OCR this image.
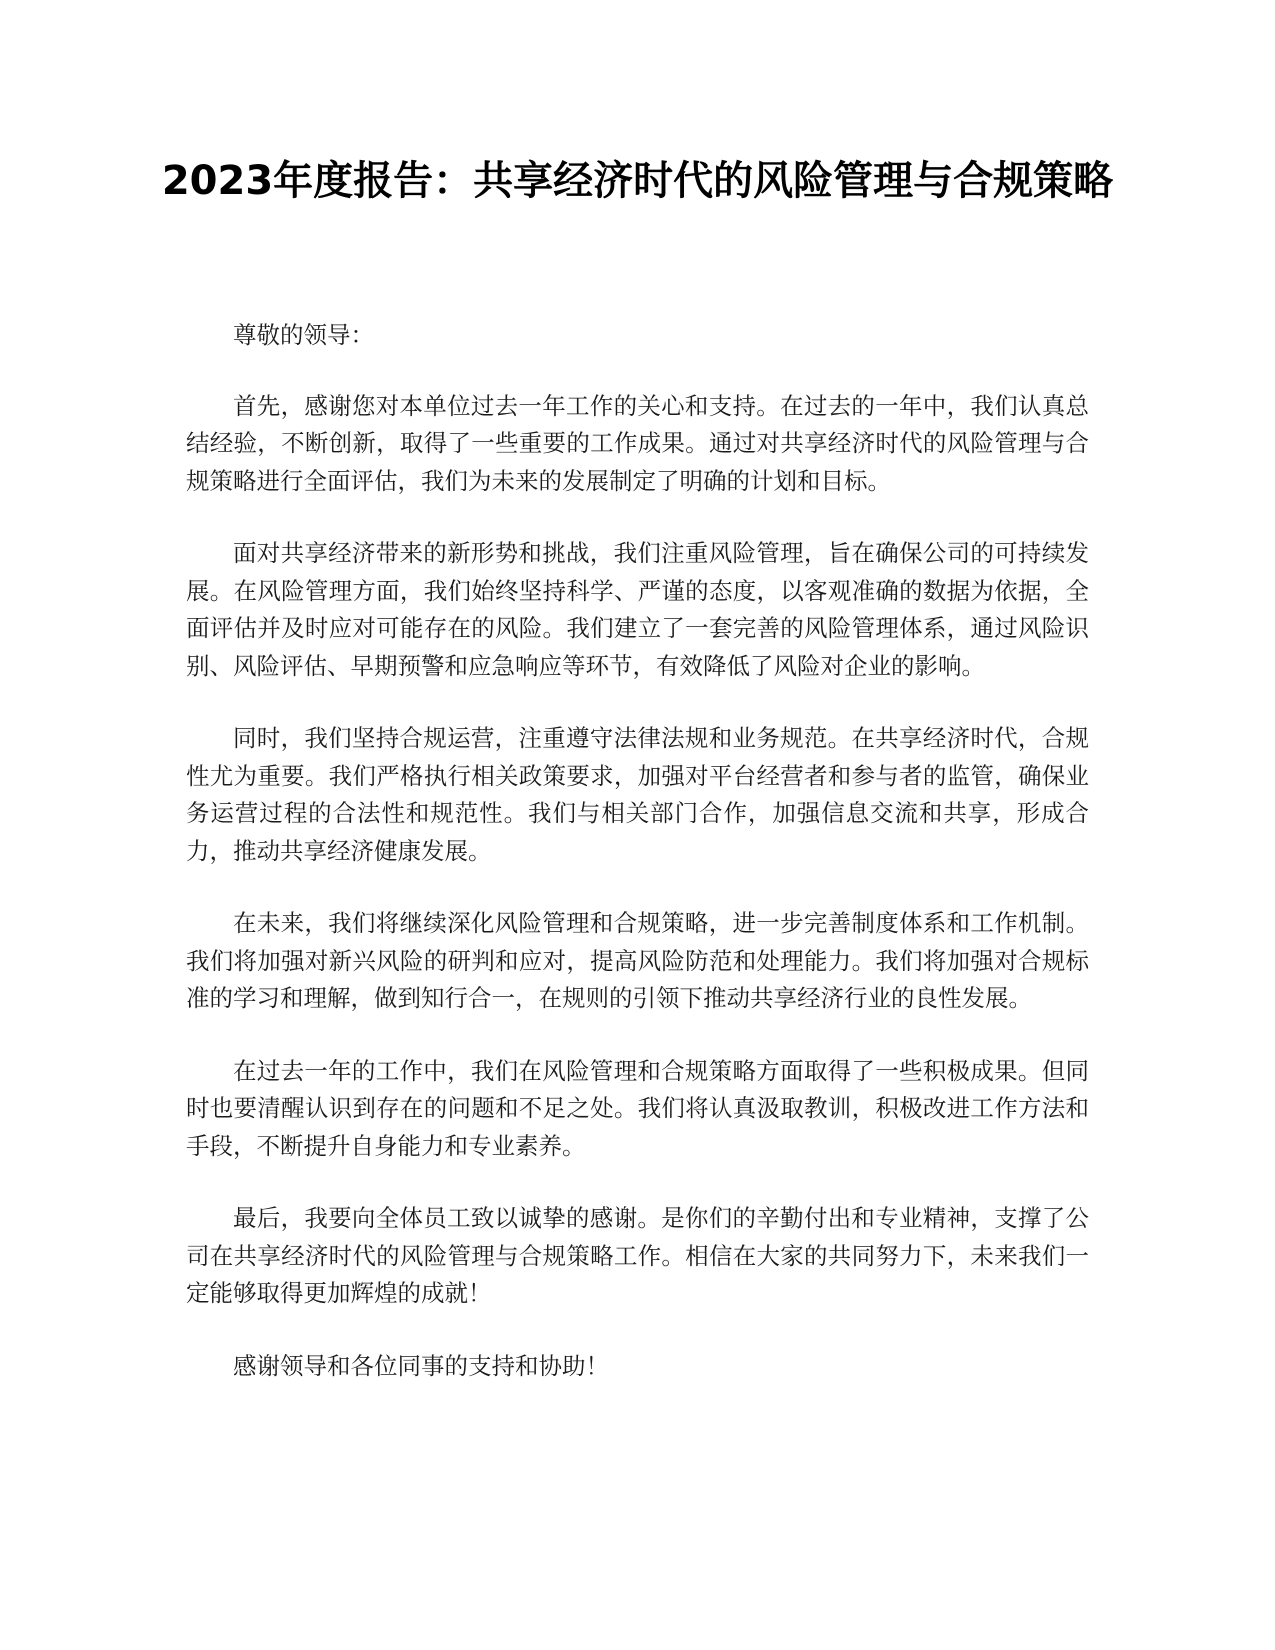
2023年度报告：共享经济时代的风险管理与合规策略

尊敬的领导：

首先，感谢您对本单位过去一年工作的关心和支持。在过去的一年中，我们认真总结经验，不断创新，取得了一些重要的工作成果。通过对共享经济时代的风险管理与合规策略进行全面评估，我们为未来的发展制定了明确的计划和目标。

面对共享经济带来的新形势和挑战，我们注重风险管理，旨在确保公司的可持续发展。在风险管理方面，我们始终坚持科学、严谨的态度，以客观准确的数据为依据，全面评估并及时应对可能存在的风险。我们建立了一套完善的风险管理体系，通过风险识别、风险评估、早期预警和应急响应等环节，有效降低了风险对企业的影响。

同时，我们坚持合规运营，注重遵守法律法规和业务规范。在共享经济时代，合规性尤为重要。我们严格执行相关政策要求，加强对平台经营者和参与者的监管，确保业务运营过程的合法性和规范性。我们与相关部门合作，加强信息交流和共享，形成合力，推动共享经济健康发展。

在未来，我们将继续深化风险管理和合规策略，进一步完善制度体系和工作机制。我们将加强对新兴风险的研判和应对，提高风险防范和处理能力。我们将加强对合规标准的学习和理解，做到知行合一，在规则的引领下推动共享经济行业的良性发展。

在过去一年的工作中，我们在风险管理和合规策略方面取得了一些积极成果。但同时也要清醒认识到存在的问题和不足之处。我们将认真汲取教训，积极改进工作方法和手段，不断提升自身能力和专业素养。

最后，我要向全体员工致以诚挚的感谢。是你们的辛勤付出和专业精神，支撑了公司在共享经济时代的风险管理与合规策略工作。相信在大家的共同努力下，未来我们一定能够取得更加辉煌的成就！

感谢领导和各位同事的支持和协助！
